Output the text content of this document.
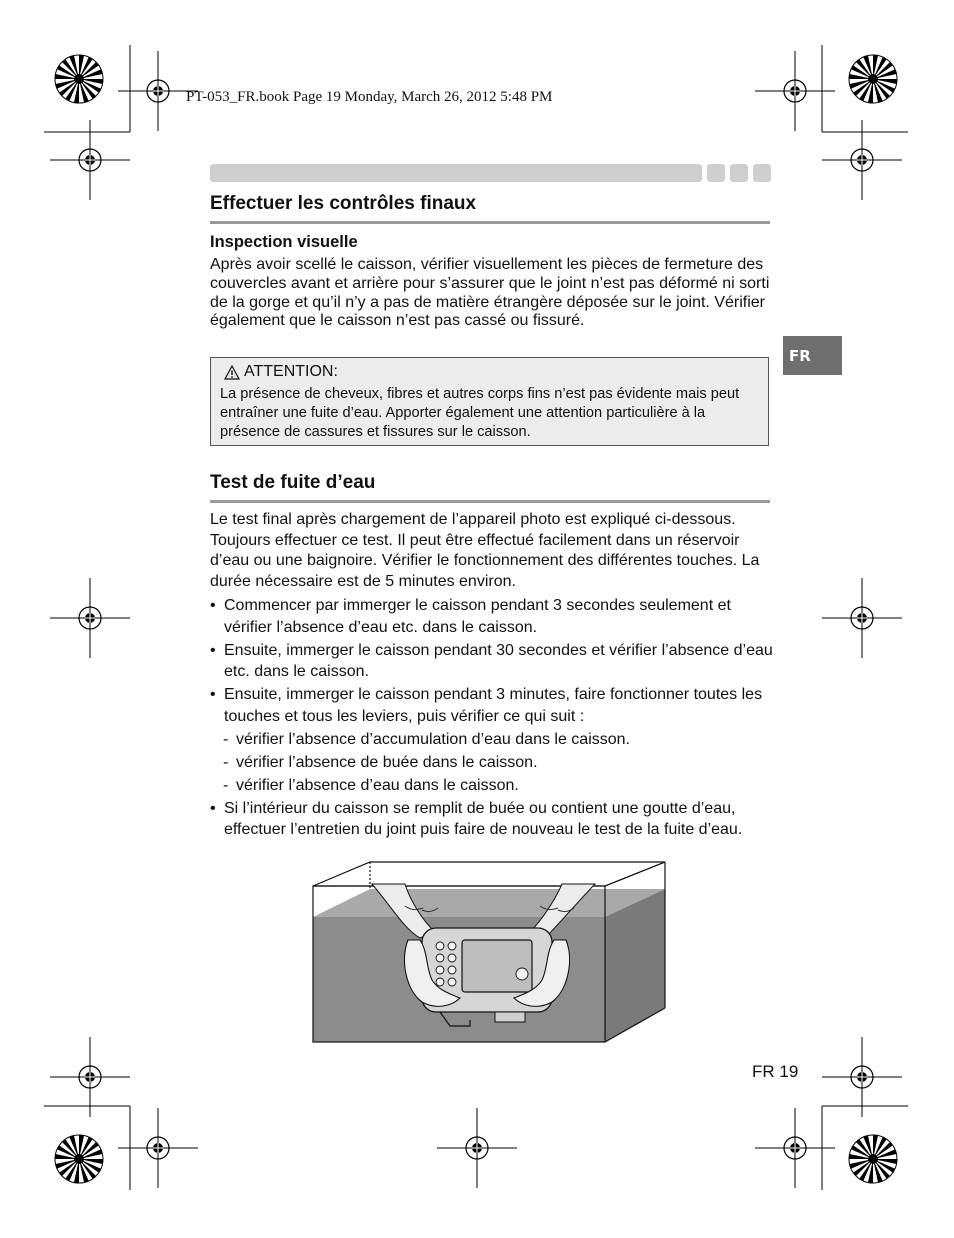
PT-053_FR.book Page 19 Monday, March 26, 2012 5:48 PM
Effectuer les contrôles finaux
Inspection visuelle
Après avoir scellé le caisson, vérifier visuellement les pièces de fermeture des couvercles avant et arrière pour s’assurer que le joint n’est pas déformé ni sorti de la gorge et qu’il n’y a pas de matière étrangère déposée sur le joint. Vérifier également que le caisson n’est pas cassé ou fissuré.
ATTENTION:
La présence de cheveux, fibres et autres corps fins n’est pas évidente mais peut entraîner une fuite d’eau. Apporter également une attention particulière à la présence de cassures et fissures sur le caisson.
FR
Test de fuite d’eau
Le test final après chargement de l’appareil photo est expliqué ci-dessous. Toujours effectuer ce test. Il peut être effectué facilement dans un réservoir d’eau ou une baignoire. Vérifier le fonctionnement des différentes touches. La durée nécessaire est de 5 minutes environ.
• Commencer par immerger le caisson pendant 3 secondes seulement et vérifier l’absence d’eau etc. dans le caisson.
• Ensuite, immerger le caisson pendant 30 secondes et vérifier l’absence d’eau etc. dans le caisson.
• Ensuite, immerger le caisson pendant 3 minutes, faire fonctionner toutes les touches et tous les leviers, puis vérifier ce qui suit :
- vérifier l’absence d’accumulation d’eau dans le caisson.
- vérifier l’absence de buée dans le caisson.
- vérifier l’absence d’eau dans le caisson.
• Si l’intérieur du caisson se remplit de buée ou contient une goutte d’eau, effectuer l’entretien du joint puis faire de nouveau le test de la fuite d’eau.
FR 19
